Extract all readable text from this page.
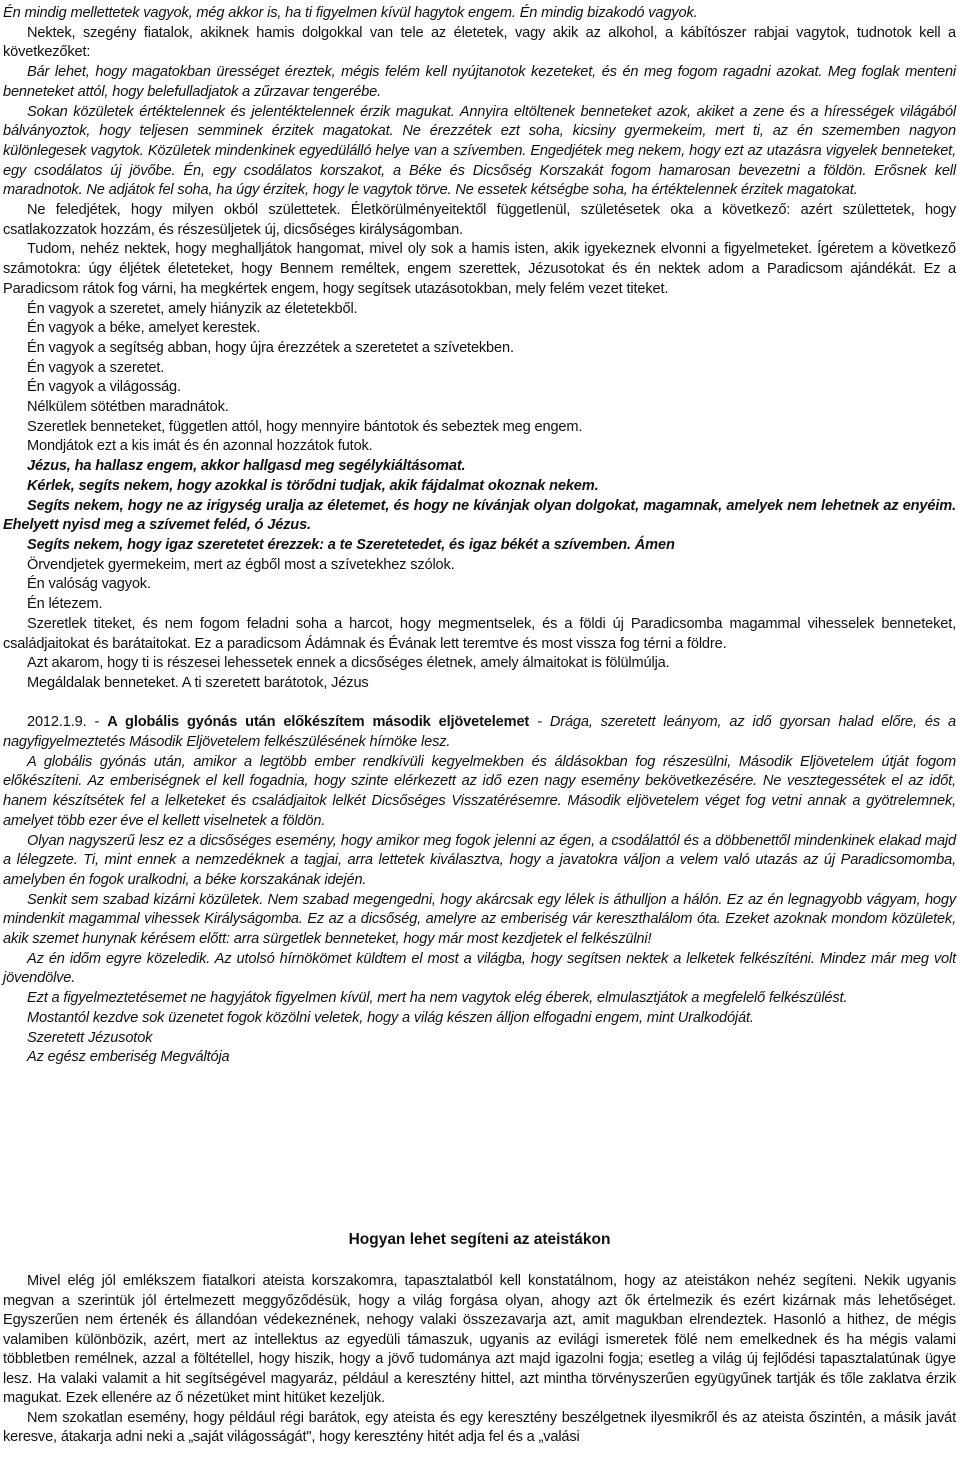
Én mindig mellettetek vagyok, még akkor is, ha ti figyelmen kívül hagytok engem. Én mindig bizakodó vagyok.

Nektek, szegény fiatalok, akiknek hamis dolgokkal van tele az életetek, vagy akik az alkohol, a kábítószer rabjai vagytok, tudnotok kell a következőket:

Bár lehet, hogy magatokban ürességet éreztek, mégis felém kell nyújtanotok kezeteket, és én meg fogom ragadni azokat. Meg foglak menteni benneteket attól, hogy belefulladjatok a zűrzavar tengerébe.

Sokan közületek értéktelennek és jelentéktelennek érzik magukat. Annyira eltöltenek benneteket azok, akiket a zene és a hírességek világából bálványoztok, hogy teljesen semminek érzitek magatokat. Ne érezzétek ezt soha, kicsiny gyermekeim, mert ti, az én szememben nagyon különlegesek vagytok. Közületek mindenkinek egyedülálló helye van a szívemben. Engedjétek meg nekem, hogy ezt az utazásra vigyelek benneteket, egy csodálatos új jövőbe. Én, egy csodálatos korszakot, a Béke és Dicsőség Korszakát fogom hamarosan bevezetni a földön. Erősnek kell maradnotok. Ne adjátok fel soha, ha úgy érzitek, hogy le vagytok törve. Ne essetek kétségbe soha, ha értéktelennek érzitek magatokat.

Ne feledjétek, hogy milyen okból születtetek. Életkörülményeitektől függetlenül, születésetek oka a következő: azért születtetek, hogy csatlakozzatok hozzám, és részesüljetek új, dicsőséges királyságomban.

Tudom, nehéz nektek, hogy meghalljátok hangomat, mivel oly sok a hamis isten, akik igyekeznek elvonni a figyelmeteket. Ígéretem a következő számotokra: úgy éljétek életeteket, hogy Bennem reméltek, engem szerettek, Jézusotokat és én nektek adom a Paradicsom ajándékát. Ez a Paradicsom rátok fog várni, ha megkértek engem, hogy segítsek utazásotokban, mely felém vezet titeket.

Én vagyok a szeretet, amely hiányzik az életetekből.

Én vagyok a béke, amelyet kerestek.

Én vagyok a segítség abban, hogy újra érezzétek a szeretetet a szívetekben.

Én vagyok a szeretet.

Én vagyok a világosság.

Nélkülem sötétben maradnátok.

Szeretlek benneteket, független attól, hogy mennyire bántotok és sebeztek meg engem.

Mondjátok ezt a kis imát és én azonnal hozzátok futok.

Jézus, ha hallasz engem, akkor hallgasd meg segélykiáltásomat.

Kérlek, segíts nekem, hogy azokkal is törődni tudjak, akik fájdalmat okoznak nekem.

Segíts nekem, hogy ne az irigység uralja az életemet, és hogy ne kívánjak olyan dolgokat, magamnak, amelyek nem lehetnek az enyéim. Ehelyett nyisd meg a szívemet feléd, ó Jézus.

Segíts nekem, hogy igaz szeretetet érezzek: a te Szeretetedet, és igaz békét a szívemben. Ámen

Örvendjetek gyermekeim, mert az égből most a szívetekhez szólok.

Én valóság vagyok.

Én létezem.

Szeretlek titeket, és nem fogom feladni soha a harcot, hogy megmentselek, és a földi új Paradicsomba magammal vihesselek benneteket, családjaitokat és barátaitokat. Ez a paradicsom Ádámnak és Évának lett teremtve és most vissza fog térni a földre.

Azt akarom, hogy ti is részesei lehessetek ennek a dicsőséges életnek, amely álmaitokat is fölülmúlja.

Megáldalak benneteket. A ti szeretett barátotok, Jézus

2012.1.9. - A globális gyónás után előkészítem második eljövetelemet - Drága, szeretett leányom, az idő gyorsan halad előre, és a nagyfigyelmeztetés Második Eljövetelem felkészülésének hírnöke lesz.

A globális gyónás után, amikor a legtöbb ember rendkívüli kegyelmekben és áldásokban fog részesülni, Második Eljövetelem útját fogom előkészíteni. Az emberiségnek el kell fogadnia, hogy szinte elérkezett az idő ezen nagy esemény bekövetkezésére. Ne vesztegessétek el az időt, hanem készítsétek fel a lelketeket és családjaitok lelkét Dicsőséges Visszatérésemre. Második eljövetelem véget fog vetni annak a gyötrelemnek, amelyet több ezer éve el kellett viselnetek a földön.

Olyan nagyszerű lesz ez a dicsőséges esemény, hogy amikor meg fogok jelenni az égen, a csodálattól és a döbbenettől mindenkinek elakad majd a lélegzete. Ti, mint ennek a nemzedéknek a tagjai, arra lettetek kiválasztva, hogy a javatokra váljon a velem való utazás az új Paradicsomomba, amelyben én fogok uralkodni, a béke korszakának idején.

Senkit sem szabad kizárni közületek. Nem szabad megengedni, hogy akárcsak egy lélek is áthulljon a hálón. Ez az én legnagyobb vágyam, hogy mindenkit magammal vihessek Királyságomba. Ez az a dicsőség, amelyre az emberiség vár kereszthalálom óta. Ezeket azoknak mondom közületek, akik szemet hunynak kérésem előtt: arra sürgetlek benneteket, hogy már most kezdjetek el felkészülni!

Az én időm egyre közeledik. Az utolsó hírnökömet küldtem el most a világba, hogy segítsen nektek a lelketek felkészíténi. Mindez már meg volt jövendölve.

Ezt a figyelmeztetésemet ne hagyjátok figyelmen kívül, mert ha nem vagytok elég éberek, elmulasztjátok a megfelelő felkészülést.

Mostantól kezdve sok üzenetet fogok közölni veletek, hogy a világ készen álljon elfogadni engem, mint Uralkodóját.

Szeretett Jézusotok

Az egész emberiség Megváltója

Hogyan lehet segíteni az ateistákon

Mivel elég jól emlékszem fiatalkori ateista korszakomra, tapasztalatból kell konstatálnom, hogy az ateistákon nehéz segíteni. Nekik ugyanis megvan a szerintük jól értelmezett meggyőződésük, hogy a világ forgása olyan, ahogy azt ők értelmezik és ezért kizárnak más lehetőséget. Egyszerűen nem értenék és állandóan védekeznének, nehogy valaki összezavarja azt, amit magukban elrendeztek. Hasonló a hithez, de mégis valamiben különbözik, azért, mert az intellektus az egyedüli támaszuk, ugyanis az evilági ismeretek fölé nem emelkednek és ha mégis valami többletben remélnek, azzal a föltétellel, hogy hiszik, hogy a jövő tudománya azt majd igazolni fogja; esetleg a világ új fejlődési tapasztalatúnak ügye lesz. Ha valaki valamit a hit segítségével magyaráz, például a keresztény hittel, azt mintha törvényszerűen együgyűnek tartják és tőle zaklatva érzik magukat. Ezek ellenére az ő nézetüket mint hitüket kezeljük.

Nem szokatlan esemény, hogy például régi barátok, egy ateista és egy keresztény beszélgetnek ilyesmikről és az ateista őszintén, a másik javát keresve, átakarja adni neki a „saját világosságát", hogy keresztény hitét adja fel és a „valási
